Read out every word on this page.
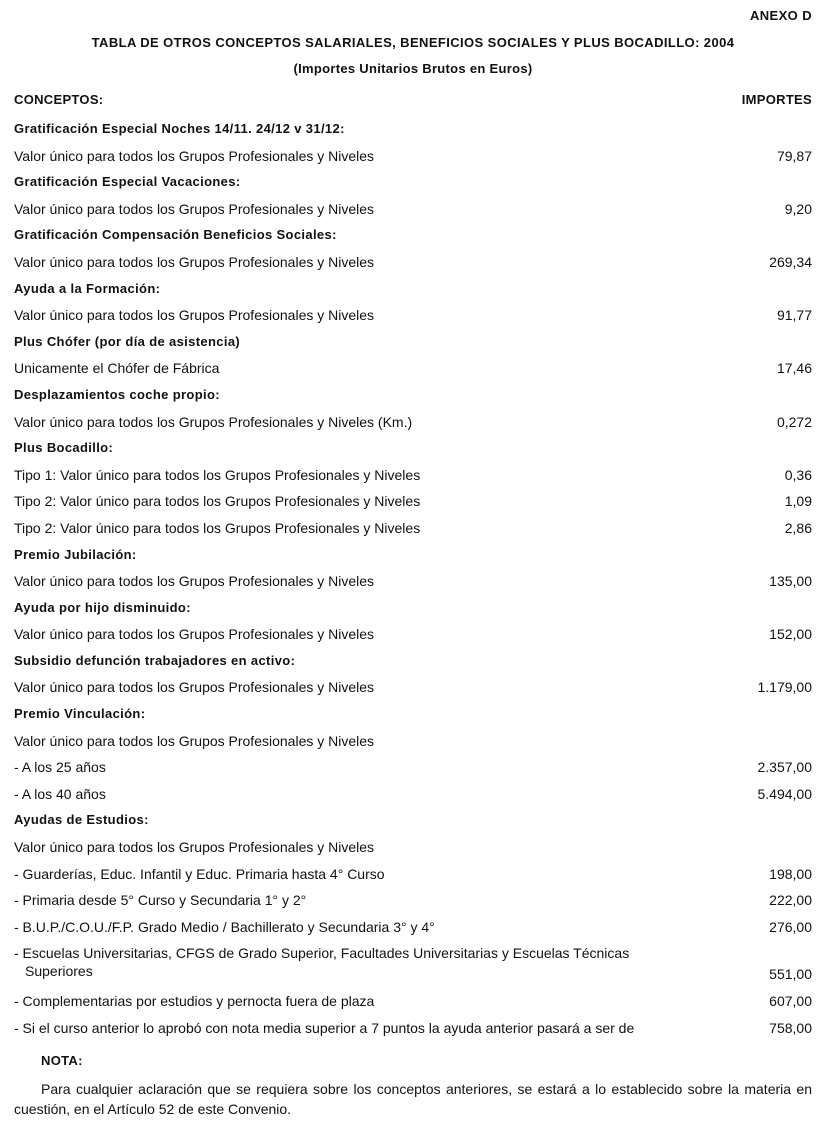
ANEXO D
TABLA DE OTROS CONCEPTOS SALARIALES, BENEFICIOS SOCIALES Y PLUS BOCADILLO: 2004
(Importes Unitarios Brutos en Euros)
CONCEPTOS:	IMPORTES
Gratificación Especial Noches 14/11. 24/12 v 31/12:
Valor único para todos los Grupos Profesionales y Niveles	79,87
Gratificación Especial Vacaciones:
Valor único para todos los Grupos Profesionales y Niveles	9,20
Gratificación Compensación Beneficios Sociales:
Valor único para todos los Grupos Profesionales y Niveles	269,34
Ayuda a la Formación:
Valor único para todos los Grupos Profesionales y Niveles	91,77
Plus Chófer (por día de asistencia)
Unicamente el Chófer de Fábrica	17,46
Desplazamientos coche propio:
Valor único para todos los Grupos Profesionales y Niveles (Km.)	0,272
Plus Bocadillo:
Tipo 1: Valor único para todos los Grupos Profesionales y Niveles	0,36
Tipo 2: Valor único para todos los Grupos Profesionales y Niveles	1,09
Tipo 2: Valor único para todos los Grupos Profesionales y Niveles	2,86
Premio Jubilación:
Valor único para todos los Grupos Profesionales y Niveles	135,00
Ayuda por hijo disminuido:
Valor único para todos los Grupos Profesionales y Niveles	152,00
Subsidio defunción trabajadores en activo:
Valor único para todos los Grupos Profesionales y Niveles	1.179,00
Premio Vinculación:
Valor único para todos los Grupos Profesionales y Niveles
- A los 25 años	2.357,00
- A los 40 años	5.494,00
Ayudas de Estudios:
Valor único para todos los Grupos Profesionales y Niveles
- Guarderías, Educ. Infantil y Educ. Primaria hasta 4° Curso	198,00
- Primaria desde 5° Curso y Secundaria 1° y 2°	222,00
- B.U.P./C.O.U./F.P. Grado Medio / Bachillerato y Secundaria 3° y 4°	276,00
- Escuelas Universitarias, CFGS de Grado Superior, Facultades Universitarias y Escuelas Técnicas
Superiores	551,00
- Complementarias por estudios y pernocta fuera de plaza	607,00
- Si el curso anterior lo aprobó con nota media superior a 7 puntos la ayuda anterior pasará a ser de	758,00
NOTA:
Para cualquier aclaración que se requiera sobre los conceptos anteriores, se estará a lo establecido sobre la materia en cuestión, en el Artículo 52 de este Convenio.
